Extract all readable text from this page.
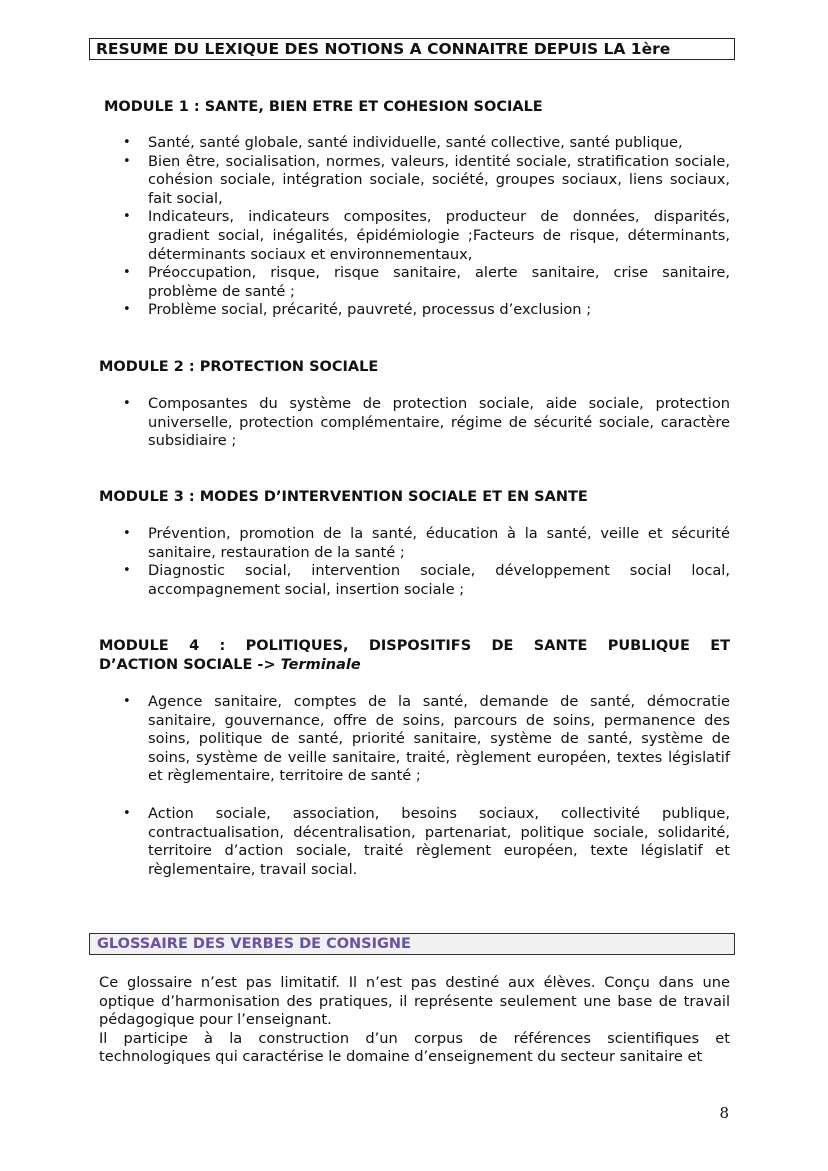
RESUME DU LEXIQUE DES NOTIONS A CONNAITRE DEPUIS LA 1ère
MODULE 1 : SANTE, BIEN ETRE ET COHESION SOCIALE
• Santé, santé globale, santé individuelle, santé collective, santé publique,
• Bien être, socialisation, normes, valeurs, identité sociale, stratification sociale, cohésion sociale, intégration sociale, société, groupes sociaux, liens sociaux, fait social,
• Indicateurs, indicateurs composites, producteur de données, disparités, gradient social, inégalités, épidémiologie ;Facteurs de risque, déterminants, déterminants sociaux et environnementaux,
• Préoccupation, risque, risque sanitaire, alerte sanitaire, crise sanitaire, problème de santé ;
• Problème social, précarité, pauvreté, processus d’exclusion ;
MODULE 2 : PROTECTION SOCIALE
• Composantes du système de protection sociale, aide sociale, protection universelle, protection complémentaire, régime de sécurité sociale, caractère subsidiaire ;
MODULE 3 : MODES D’INTERVENTION SOCIALE ET EN SANTE
• Prévention, promotion de la santé, éducation à la santé, veille et sécurité sanitaire, restauration de la santé ;
• Diagnostic social, intervention sociale, développement social local, accompagnement social, insertion sociale ;
MODULE 4 : POLITIQUES, DISPOSITIFS DE SANTE PUBLIQUE ET
D’ACTION SOCIALE -> Terminale
• Agence sanitaire, comptes de la santé, demande de santé, démocratie sanitaire, gouvernance, offre de soins, parcours de soins, permanence des soins, politique de santé, priorité sanitaire, système de santé, système de soins, système de veille sanitaire, traité, règlement européen, textes législatif et règlementaire, territoire de santé ;
• Action sociale, association, besoins sociaux, collectivité publique, contractualisation, décentralisation, partenariat, politique sociale, solidarité, territoire d’action sociale, traité règlement européen, texte législatif et règlementaire, travail social.
GLOSSAIRE DES VERBES DE CONSIGNE

Ce glossaire n’est pas limitatif. Il n’est pas destiné aux élèves. Conçu dans une optique d’harmonisation des pratiques, il représente seulement une base de travail pédagogique pour l’enseignant.

Il participe à la construction d’un corpus de références scientifiques et technologiques qui caractérise le domaine d’enseignement du secteur sanitaire et

8
